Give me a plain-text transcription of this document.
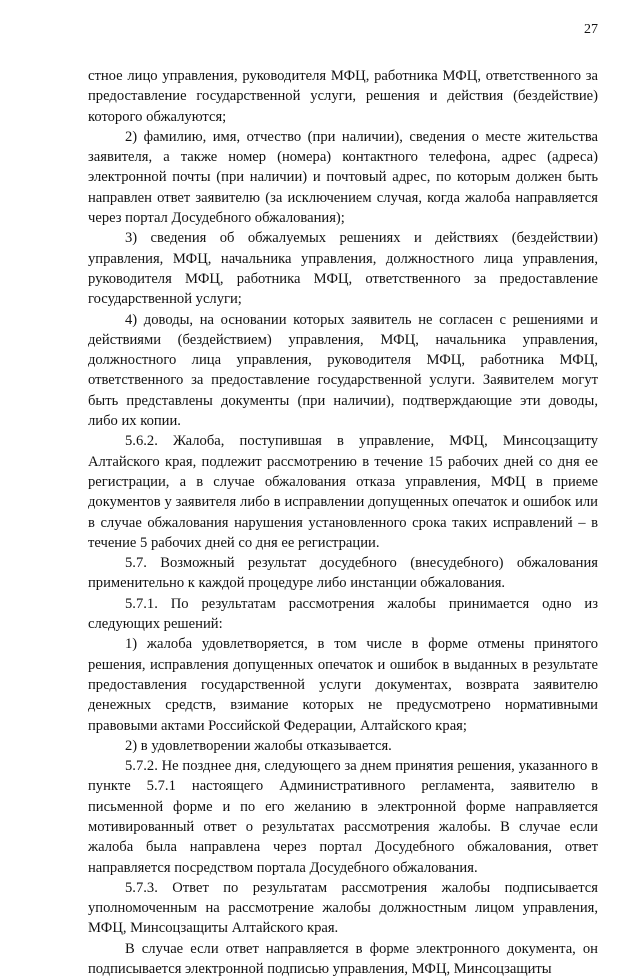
27

стное лицо управления, руководителя МФЦ, работника МФЦ, ответственного за предоставление государственной услуги, решения и действия (бездействие) которого обжалуются;

2) фамилию, имя, отчество (при наличии), сведения о месте жительства заявителя, а также номер (номера) контактного телефона, адрес (адреса) электронной почты (при наличии) и почтовый адрес, по которым должен быть направлен ответ заявителю (за исключением случая, когда жалоба направляется через портал Досудебного обжалования);

3) сведения об обжалуемых решениях и действиях (бездействии) управления, МФЦ, начальника управления, должностного лица управления, руководителя МФЦ, работника МФЦ, ответственного за предоставление государственной услуги;

4) доводы, на основании которых заявитель не согласен с решениями и действиями (бездействием) управления, МФЦ, начальника управления, должностного лица управления, руководителя МФЦ, работника МФЦ, ответственного за предоставление государственной услуги. Заявителем могут быть представлены документы (при наличии), подтверждающие эти доводы, либо их копии.

5.6.2. Жалоба, поступившая в управление, МФЦ, Минсоцзащиту Алтайского края, подлежит рассмотрению в течение 15 рабочих дней со дня ее регистрации, а в случае обжалования отказа управления, МФЦ в приеме документов у заявителя либо в исправлении допущенных опечаток и ошибок или в случае обжалования нарушения установленного срока таких исправлений – в течение 5 рабочих дней со дня ее регистрации.

5.7. Возможный результат досудебного (внесудебного) обжалования применительно к каждой процедуре либо инстанции обжалования.

5.7.1. По результатам рассмотрения жалобы принимается одно из следующих решений:

1) жалоба удовлетворяется, в том числе в форме отмены принятого решения, исправления допущенных опечаток и ошибок в выданных в результате предоставления государственной услуги документах, возврата заявителю денежных средств, взимание которых не предусмотрено нормативными правовыми актами Российской Федерации, Алтайского края;

2) в удовлетворении жалобы отказывается.

5.7.2. Не позднее дня, следующего за днем принятия решения, указанного в пункте 5.7.1 настоящего Административного регламента, заявителю в письменной форме и по его желанию в электронной форме направляется мотивированный ответ о результатах рассмотрения жалобы. В случае если жалоба была направлена через портал Досудебного обжалования, ответ направляется посредством портала Досудебного обжалования.

5.7.3. Ответ по результатам рассмотрения жалобы подписывается уполномоченным на рассмотрение жалобы должностным лицом управления, МФЦ, Минсоцзащиты Алтайского края.

В случае если ответ направляется в форме электронного документа, он подписывается электронной подписью управления, МФЦ, Минсоцзащиты
